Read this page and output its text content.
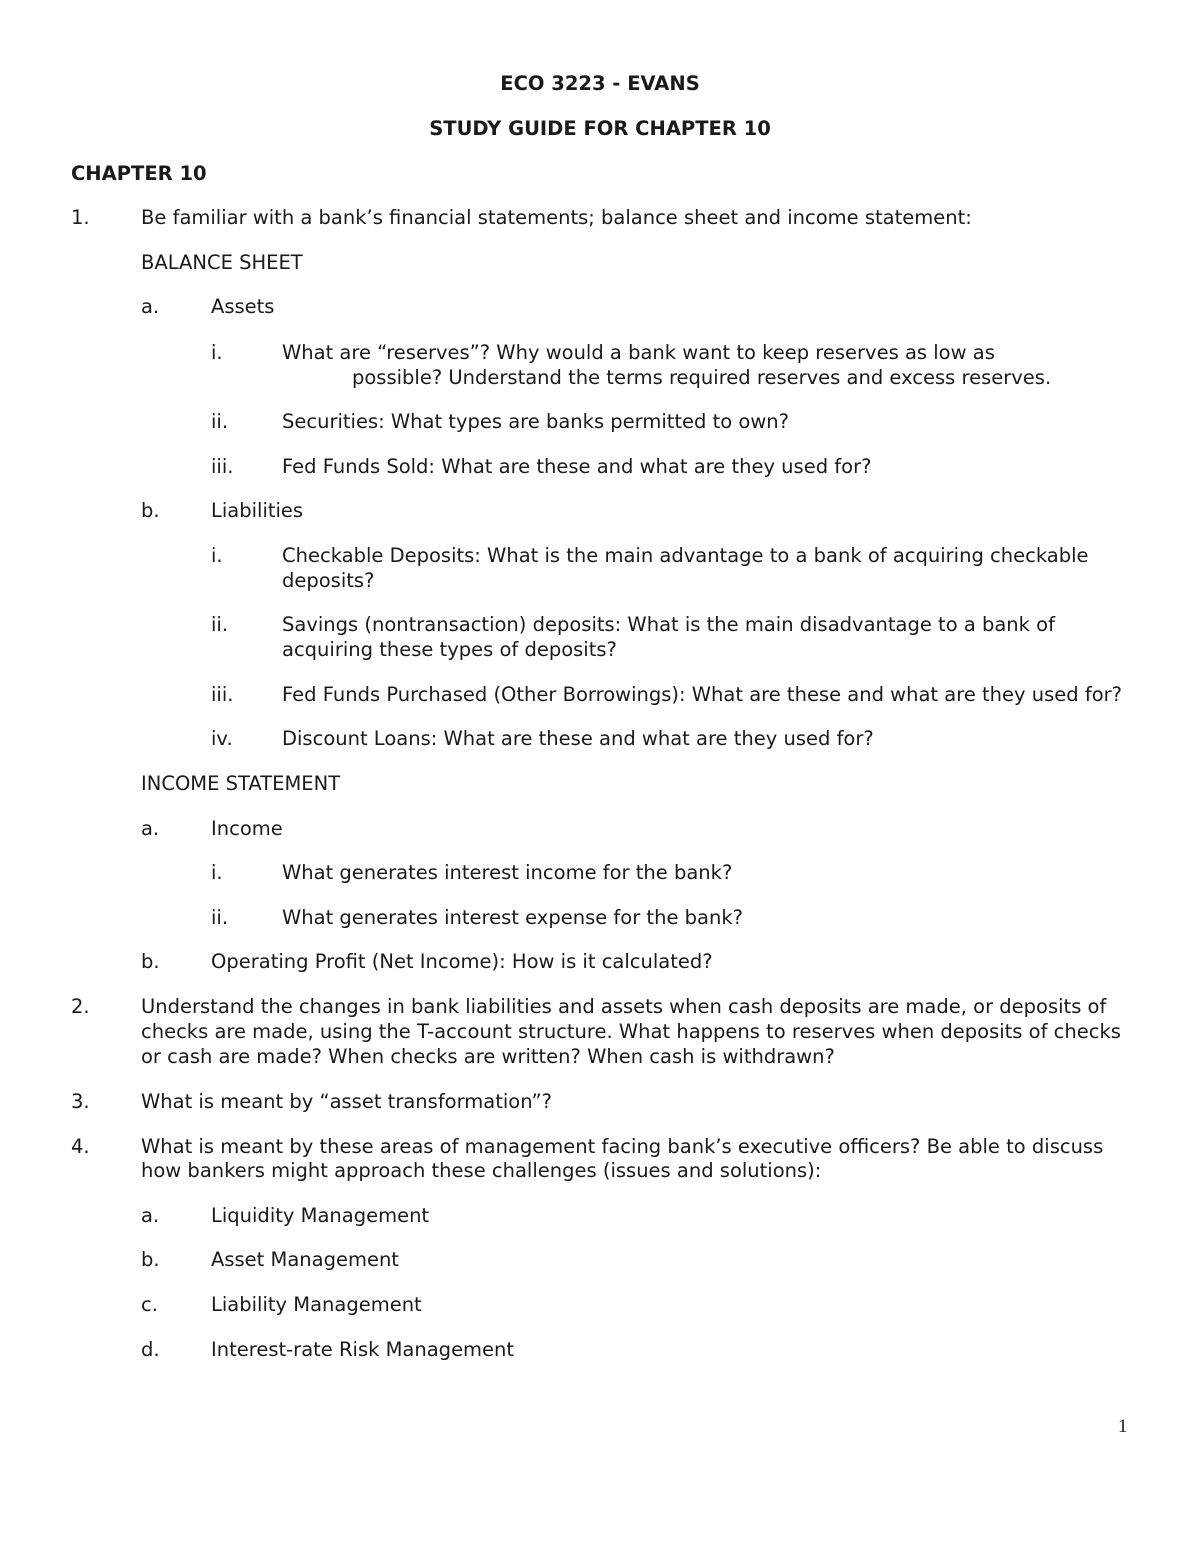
ECO 3223 - EVANS
STUDY GUIDE FOR CHAPTER 10
CHAPTER 10
1.	Be familiar with a bank’s financial statements; balance sheet and income statement:
BALANCE SHEET
a.	Assets
i.	What are “reserves”? Why would a bank want to keep reserves as low as
possible? Understand the terms required reserves and excess reserves.
ii.	Securities: What types are banks permitted to own?
iii. Fed Funds Sold: What are these and what are they used for?
b.	Liabilities
i.	Checkable Deposits: What is the main advantage to a bank of acquiring checkable
deposits?
ii.	Savings (nontransaction) deposits: What is the main disadvantage to a bank of
acquiring these types of deposits?
iii. Fed Funds Purchased (Other Borrowings): What are these and what are they used for?
iv.	Discount Loans: What are these and what are they used for?
INCOME STATEMENT
a.	Income
i.	What generates interest income for the bank?
ii.	What generates interest expense for the bank?
b.	Operating Profit (Net Income): How is it calculated?
2.	Understand the changes in bank liabilities and assets when cash deposits are made, or deposits of
checks are made, using the T-account structure. What happens to reserves when deposits of checks
or cash are made? When checks are written? When cash is withdrawn?
3.	What is meant by “asset transformation”?
4.	What is meant by these areas of management facing bank’s executive officers? Be able to discuss
how bankers might approach these challenges (issues and solutions):
a.	Liquidity Management
b.	Asset Management
c.	Liability Management
d.	Interest-rate Risk Management
1
